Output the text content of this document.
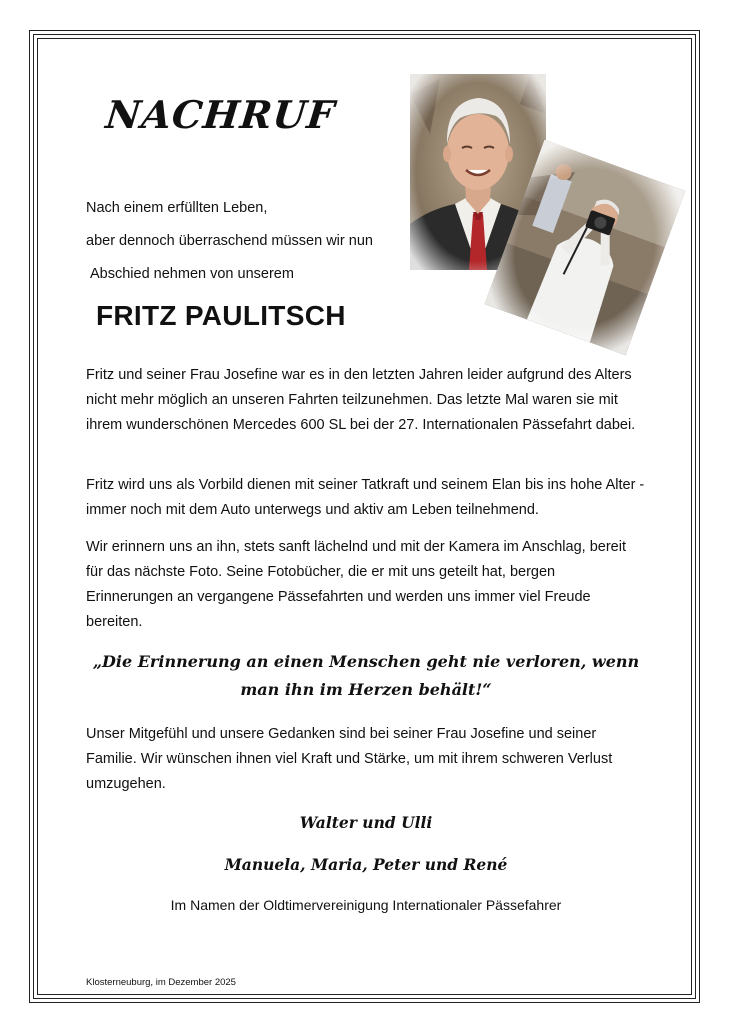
NACHRUF

Nach einem erfüllten Leben,

aber dennoch überraschend müssen wir nun

Abschied nehmen von unserem

FRITZ PAULITSCH

Fritz und seiner Frau Josefine war es in den letzten Jahren leider aufgrund des Alters nicht mehr möglich an unseren Fahrten teilzunehmen. Das letzte Mal waren sie mit ihrem wunderschönen Mercedes 600 SL bei der 27. Internationalen Pässefahrt dabei.

Fritz wird uns als Vorbild dienen mit seiner Tatkraft und seinem Elan bis ins hohe Alter - immer noch mit dem Auto unterwegs und aktiv am Leben teilnehmend.

Wir erinnern uns an ihn, stets sanft lächelnd und mit der Kamera im Anschlag, bereit für das nächste Foto. Seine Fotobücher, die er mit uns geteilt hat, bergen Erinnerungen an vergangene Pässefahrten und werden uns immer viel Freude bereiten.

„Die Erinnerung an einen Menschen geht nie verloren, wenn man ihn im Herzen behält!“

Unser Mitgefühl und unsere Gedanken sind bei seiner Frau Josefine und seiner Familie. Wir wünschen ihnen viel Kraft und Stärke, um mit ihrem schweren Verlust umzugehen.

Walter und Ulli

Manuela, Maria, Peter und René

Im Namen der Oldtimervereinigung Internationaler Pässefahrer

Klosterneuburg, im Dezember 2025
